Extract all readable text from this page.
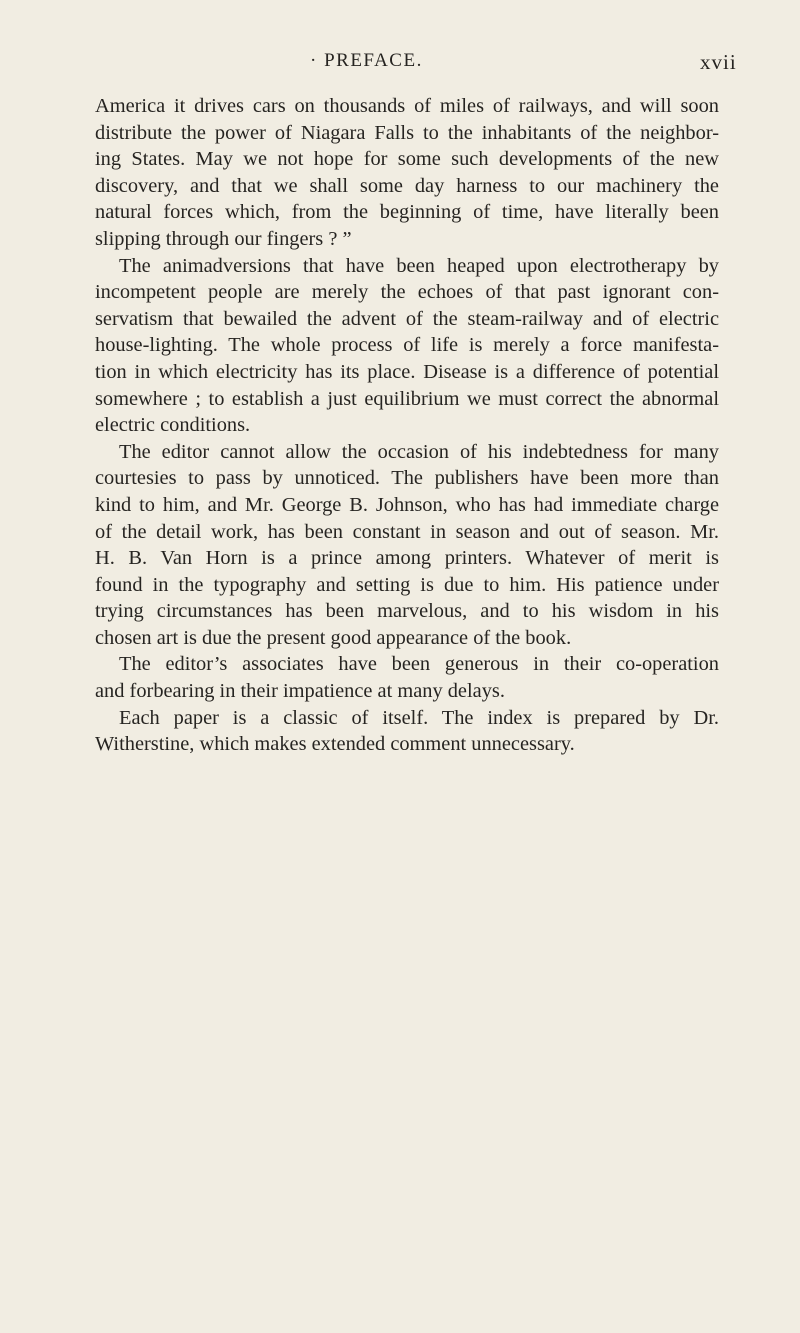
· PREFACE.	xvii
America it drives cars on thousands of miles of railways, and will soon
distribute the power of Niagara Falls to the inhabitants of the neighbor-
ing States. May we not hope for some such developments of the new
discovery, and that we shall some day harness to our machinery the
natural forces which, from the beginning of time, have literally been
slipping through our fingers ? ”
The animadversions that have been heaped upon electrotherapy by
incompetent people are merely the echoes of that past ignorant con-
servatism that bewailed the advent of the steam-railway and of electric
house-lighting. The whole process of life is merely a force manifesta-
tion in which electricity has its place. Disease is a difference of potential
somewhere ; to establish a just equilibrium we must correct the abnormal
electric conditions.
The editor cannot allow the occasion of his indebtedness for many
courtesies to pass by unnoticed. The publishers have been more than
kind to him, and Mr. George B. Johnson, who has had immediate charge
of the detail work, has been constant in season and out of season. Mr.
H. B. Van Horn is a prince among printers. Whatever of merit is
found in the typography and setting is due to him. His patience under
trying circumstances has been marvelous, and to his wisdom in his
chosen art is due the present good appearance of the book.
The editor’s associates have been generous in their co-operation
and forbearing in their impatience at many delays.
Each paper is a classic of itself. The index is prepared by Dr.
Witherstine, which makes extended comment unnecessary.
